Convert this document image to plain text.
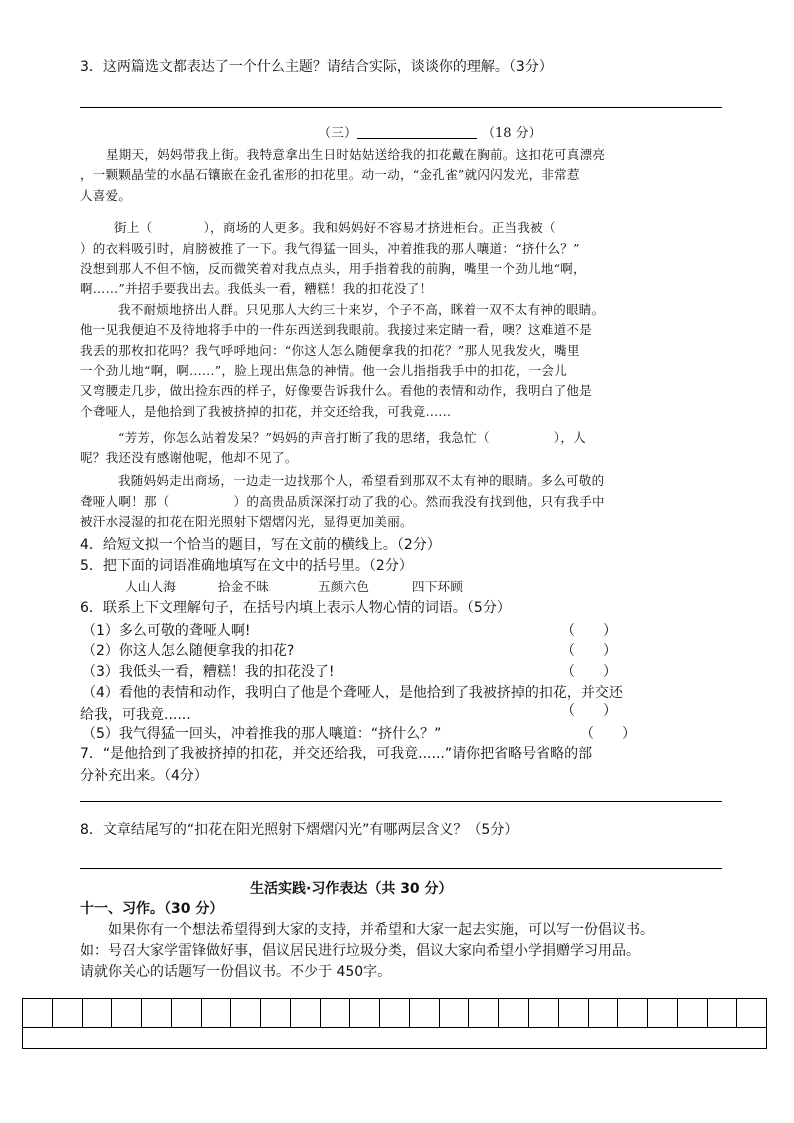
3．这两篇选文都表达了一个什么主题？请结合实际，谈谈你的理解。（3分）
（三）	（18 分）
星期天，妈妈带我上街。我特意拿出生日时姑姑送给我的扣花戴在胸前。这扣花可真漂亮
，一颗颗晶莹的水晶石镶嵌在金孔雀形的扣花里。动一动，“金孔雀”就闪闪发光，非常惹
人喜爱。
街上（　　　　），商场的人更多。我和妈妈好不容易才挤进柜台。正当我被（
）的衣料吸引时，肩膀被推了一下。我气得猛一回头，冲着推我的那人嚷道：“挤什么？”
没想到那人不但不恼，反而微笑着对我点点头，用手指着我的前胸，嘴里一个劲儿地“啊，
啊……”并招手要我出去。我低头一看，糟糕！我的扣花没了！
我不耐烦地挤出人群。只见那人大约三十来岁，个子不高，眯着一双不太有神的眼睛。
他一见我便迫不及待地将手中的一件东西送到我眼前。我接过来定睛一看，噢？这难道不是
我丢的那枚扣花吗？我气呼呼地问：“你这人怎么随便拿我的扣花？”那人见我发火，嘴里
一个劲儿地“啊，啊......”，脸上现出焦急的神情。他一会儿指指我手中的扣花，一会儿
又弯腰走几步，做出捡东西的样子，好像要告诉我什么。看他的表情和动作，我明白了他是
个聋哑人，是他拾到了我被挤掉的扣花，并交还给我，可我竟......
“芳芳，你怎么站着发呆？”妈妈的声音打断了我的思绪，我急忙（　　　　　），人
呢？我还没有感谢他呢，他却不见了。
我随妈妈走出商场，一边走一边找那个人，希望看到那双不太有神的眼睛。多么可敬的
聋哑人啊！那（　　　　　）的高贵品质深深打动了我的心。然而我没有找到他，只有我手中
被汗水浸湿的扣花在阳光照射下熠熠闪光，显得更加美丽。
4．给短文拟一个恰当的题目，写在文前的横线上。（2分）
5．把下面的词语准确地填写在文中的括号里。（2分）
人山人海	拾金不昧	五颜六色	四下环顾
6．联系上下文理解句子，在括号内填上表示人物心情的词语。（5分）
（1）多么可敬的聋哑人啊!	（　　）
（2）你这人怎么随便拿我的扣花?	（　　）
（3）我低头一看，糟糕！我的扣花没了!	（　　）
（4）看他的表情和动作，我明白了他是个聋哑人，是他拾到了我被挤掉的扣花，并交还
给我，可我竟......	（　　）
（5）我气得猛一回头，冲着推我的那人嚷道：“挤什么？”	（　　）
7．“是他拾到了我被挤掉的扣花，并交还给我，可我竟......”请你把省略号省略的部
分补充出来。（4分）
8．文章结尾写的“扣花在阳光照射下熠熠闪光”有哪两层含义？（5分）
生活实践·习作表达（共 30 分）
十一、习作。（30 分）
如果你有一个想法希望得到大家的支持，并希望和大家一起去实施，可以写一份倡议书。
如：号召大家学雷锋做好事，倡议居民进行垃圾分类，倡议大家向希望小学捐赠学习用品。
请就你关心的话题写一份倡议书。不少于 450字。
